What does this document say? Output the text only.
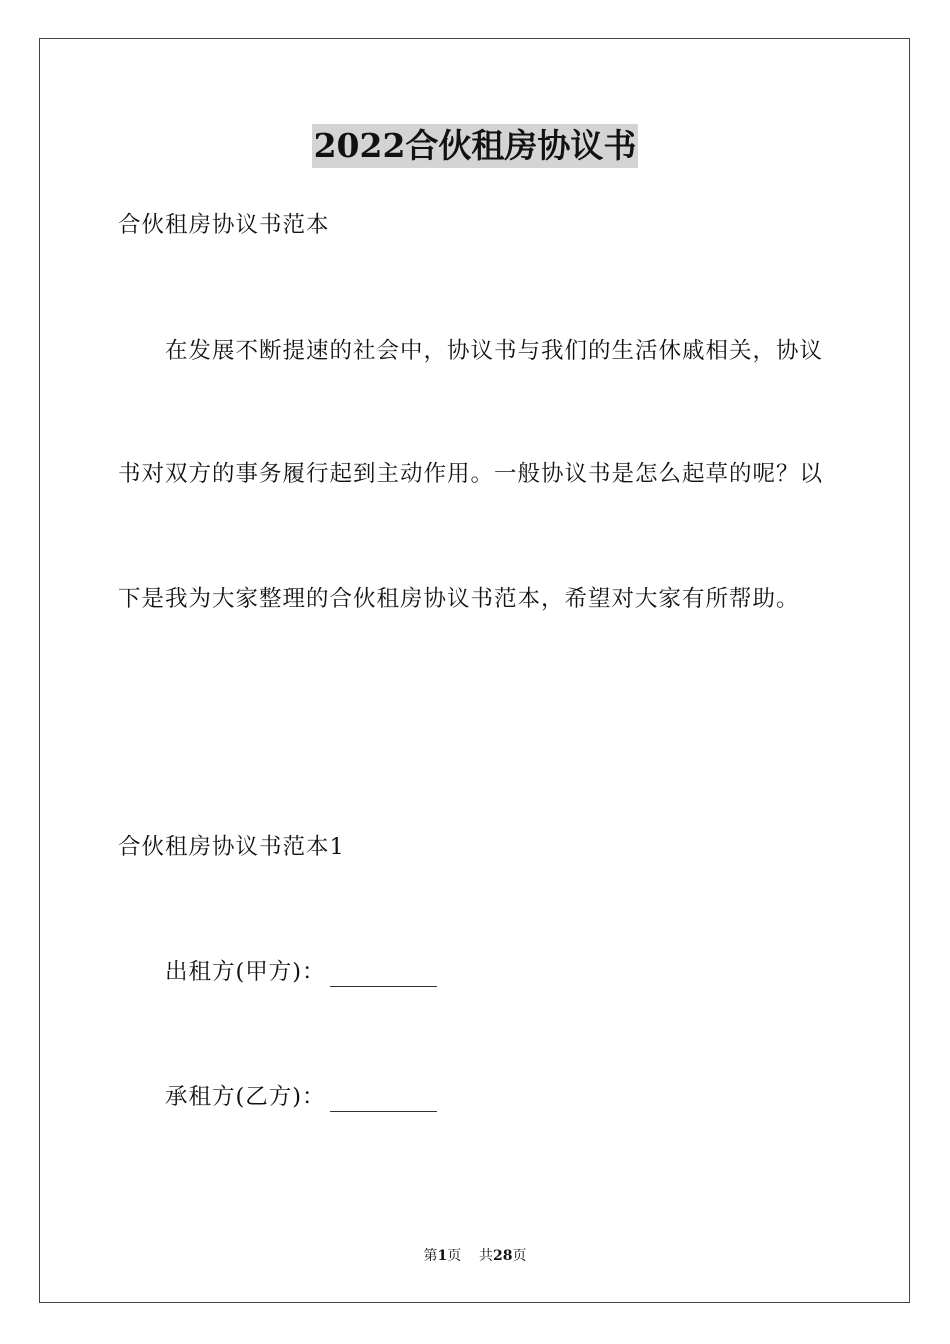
2022合伙租房协议书
合伙租房协议书范本
在发展不断提速的社会中，协议书与我们的生活休戚相关，协议
书对双方的事务履行起到主动作用。一般协议书是怎么起草的呢？以
下是我为大家整理的合伙租房协议书范本，希望对大家有所帮助。
合伙租房协议书范本1
出租方(甲方)：
承租方(乙方)：
第1页 共28页
